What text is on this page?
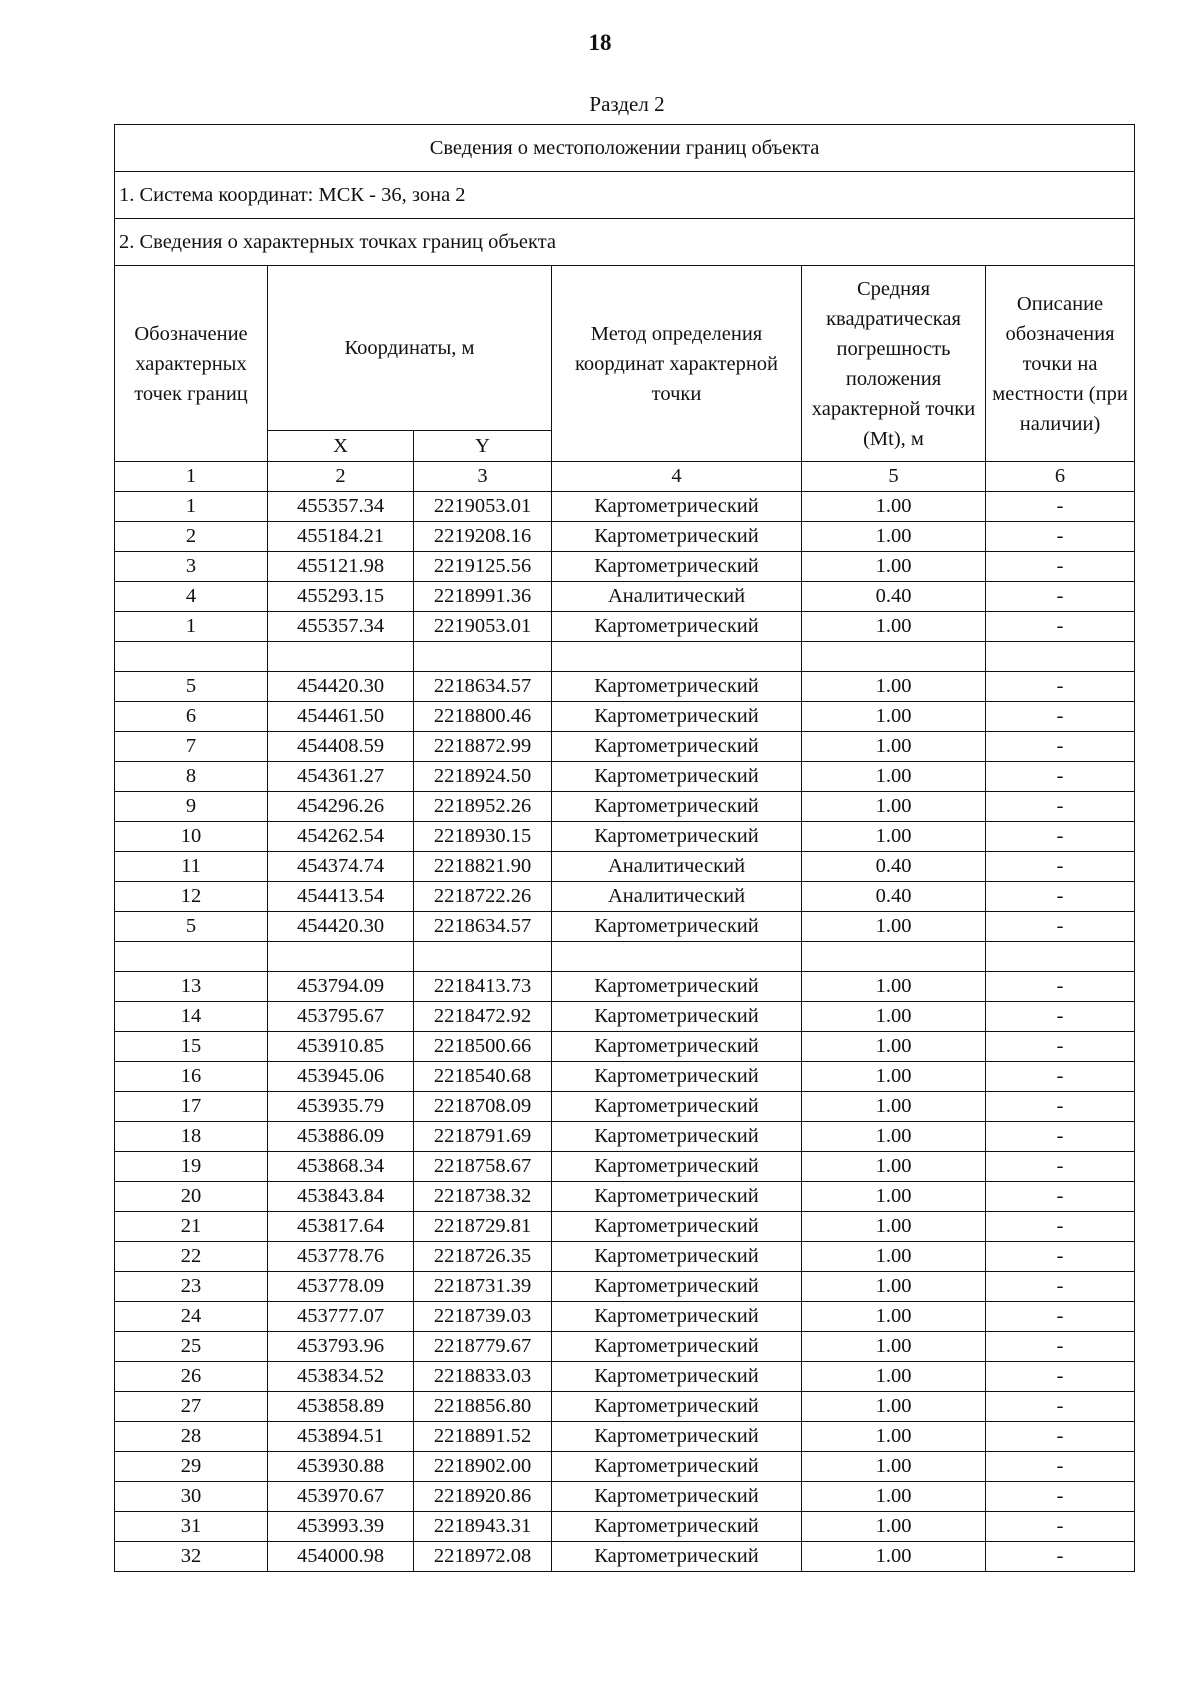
18
Раздел 2
Сведения о местоположении границ объекта					
1. Система координат: МСК - 36, зона 2					
2. Сведения о характерных точках границ объекта					
Обозначение характерных точек границ	Координаты, м		Метод определения координат характерной точки	Средняя квадратическая погрешность положения характерной точки (Mt), м	Описание обозначения точки на местности (при наличии)
	X	Y			
1	2	3	4	5	6
1	455357.34	2219053.01	Картометрический	1.00	-
2	455184.21	2219208.16	Картометрический	1.00	-
3	455121.98	2219125.56	Картометрический	1.00	-
4	455293.15	2218991.36	Аналитический	0.40	-
1	455357.34	2219053.01	Картометрический	1.00	-

5	454420.30	2218634.57	Картометрический	1.00	-
6	454461.50	2218800.46	Картометрический	1.00	-
7	454408.59	2218872.99	Картометрический	1.00	-
8	454361.27	2218924.50	Картометрический	1.00	-
9	454296.26	2218952.26	Картометрический	1.00	-
10	454262.54	2218930.15	Картометрический	1.00	-
11	454374.74	2218821.90	Аналитический	0.40	-
12	454413.54	2218722.26	Аналитический	0.40	-
5	454420.30	2218634.57	Картометрический	1.00	-

13	453794.09	2218413.73	Картометрический	1.00	-
14	453795.67	2218472.92	Картометрический	1.00	-
15	453910.85	2218500.66	Картометрический	1.00	-
16	453945.06	2218540.68	Картометрический	1.00	-
17	453935.79	2218708.09	Картометрический	1.00	-
18	453886.09	2218791.69	Картометрический	1.00	-
19	453868.34	2218758.67	Картометрический	1.00	-
20	453843.84	2218738.32	Картометрический	1.00	-
21	453817.64	2218729.81	Картометрический	1.00	-
22	453778.76	2218726.35	Картометрический	1.00	-
23	453778.09	2218731.39	Картометрический	1.00	-
24	453777.07	2218739.03	Картометрический	1.00	-
25	453793.96	2218779.67	Картометрический	1.00	-
26	453834.52	2218833.03	Картометрический	1.00	-
27	453858.89	2218856.80	Картометрический	1.00	-
28	453894.51	2218891.52	Картометрический	1.00	-
29	453930.88	2218902.00	Картометрический	1.00	-
30	453970.67	2218920.86	Картометрический	1.00	-
31	453993.39	2218943.31	Картометрический	1.00	-
32	454000.98	2218972.08	Картометрический	1.00	-
